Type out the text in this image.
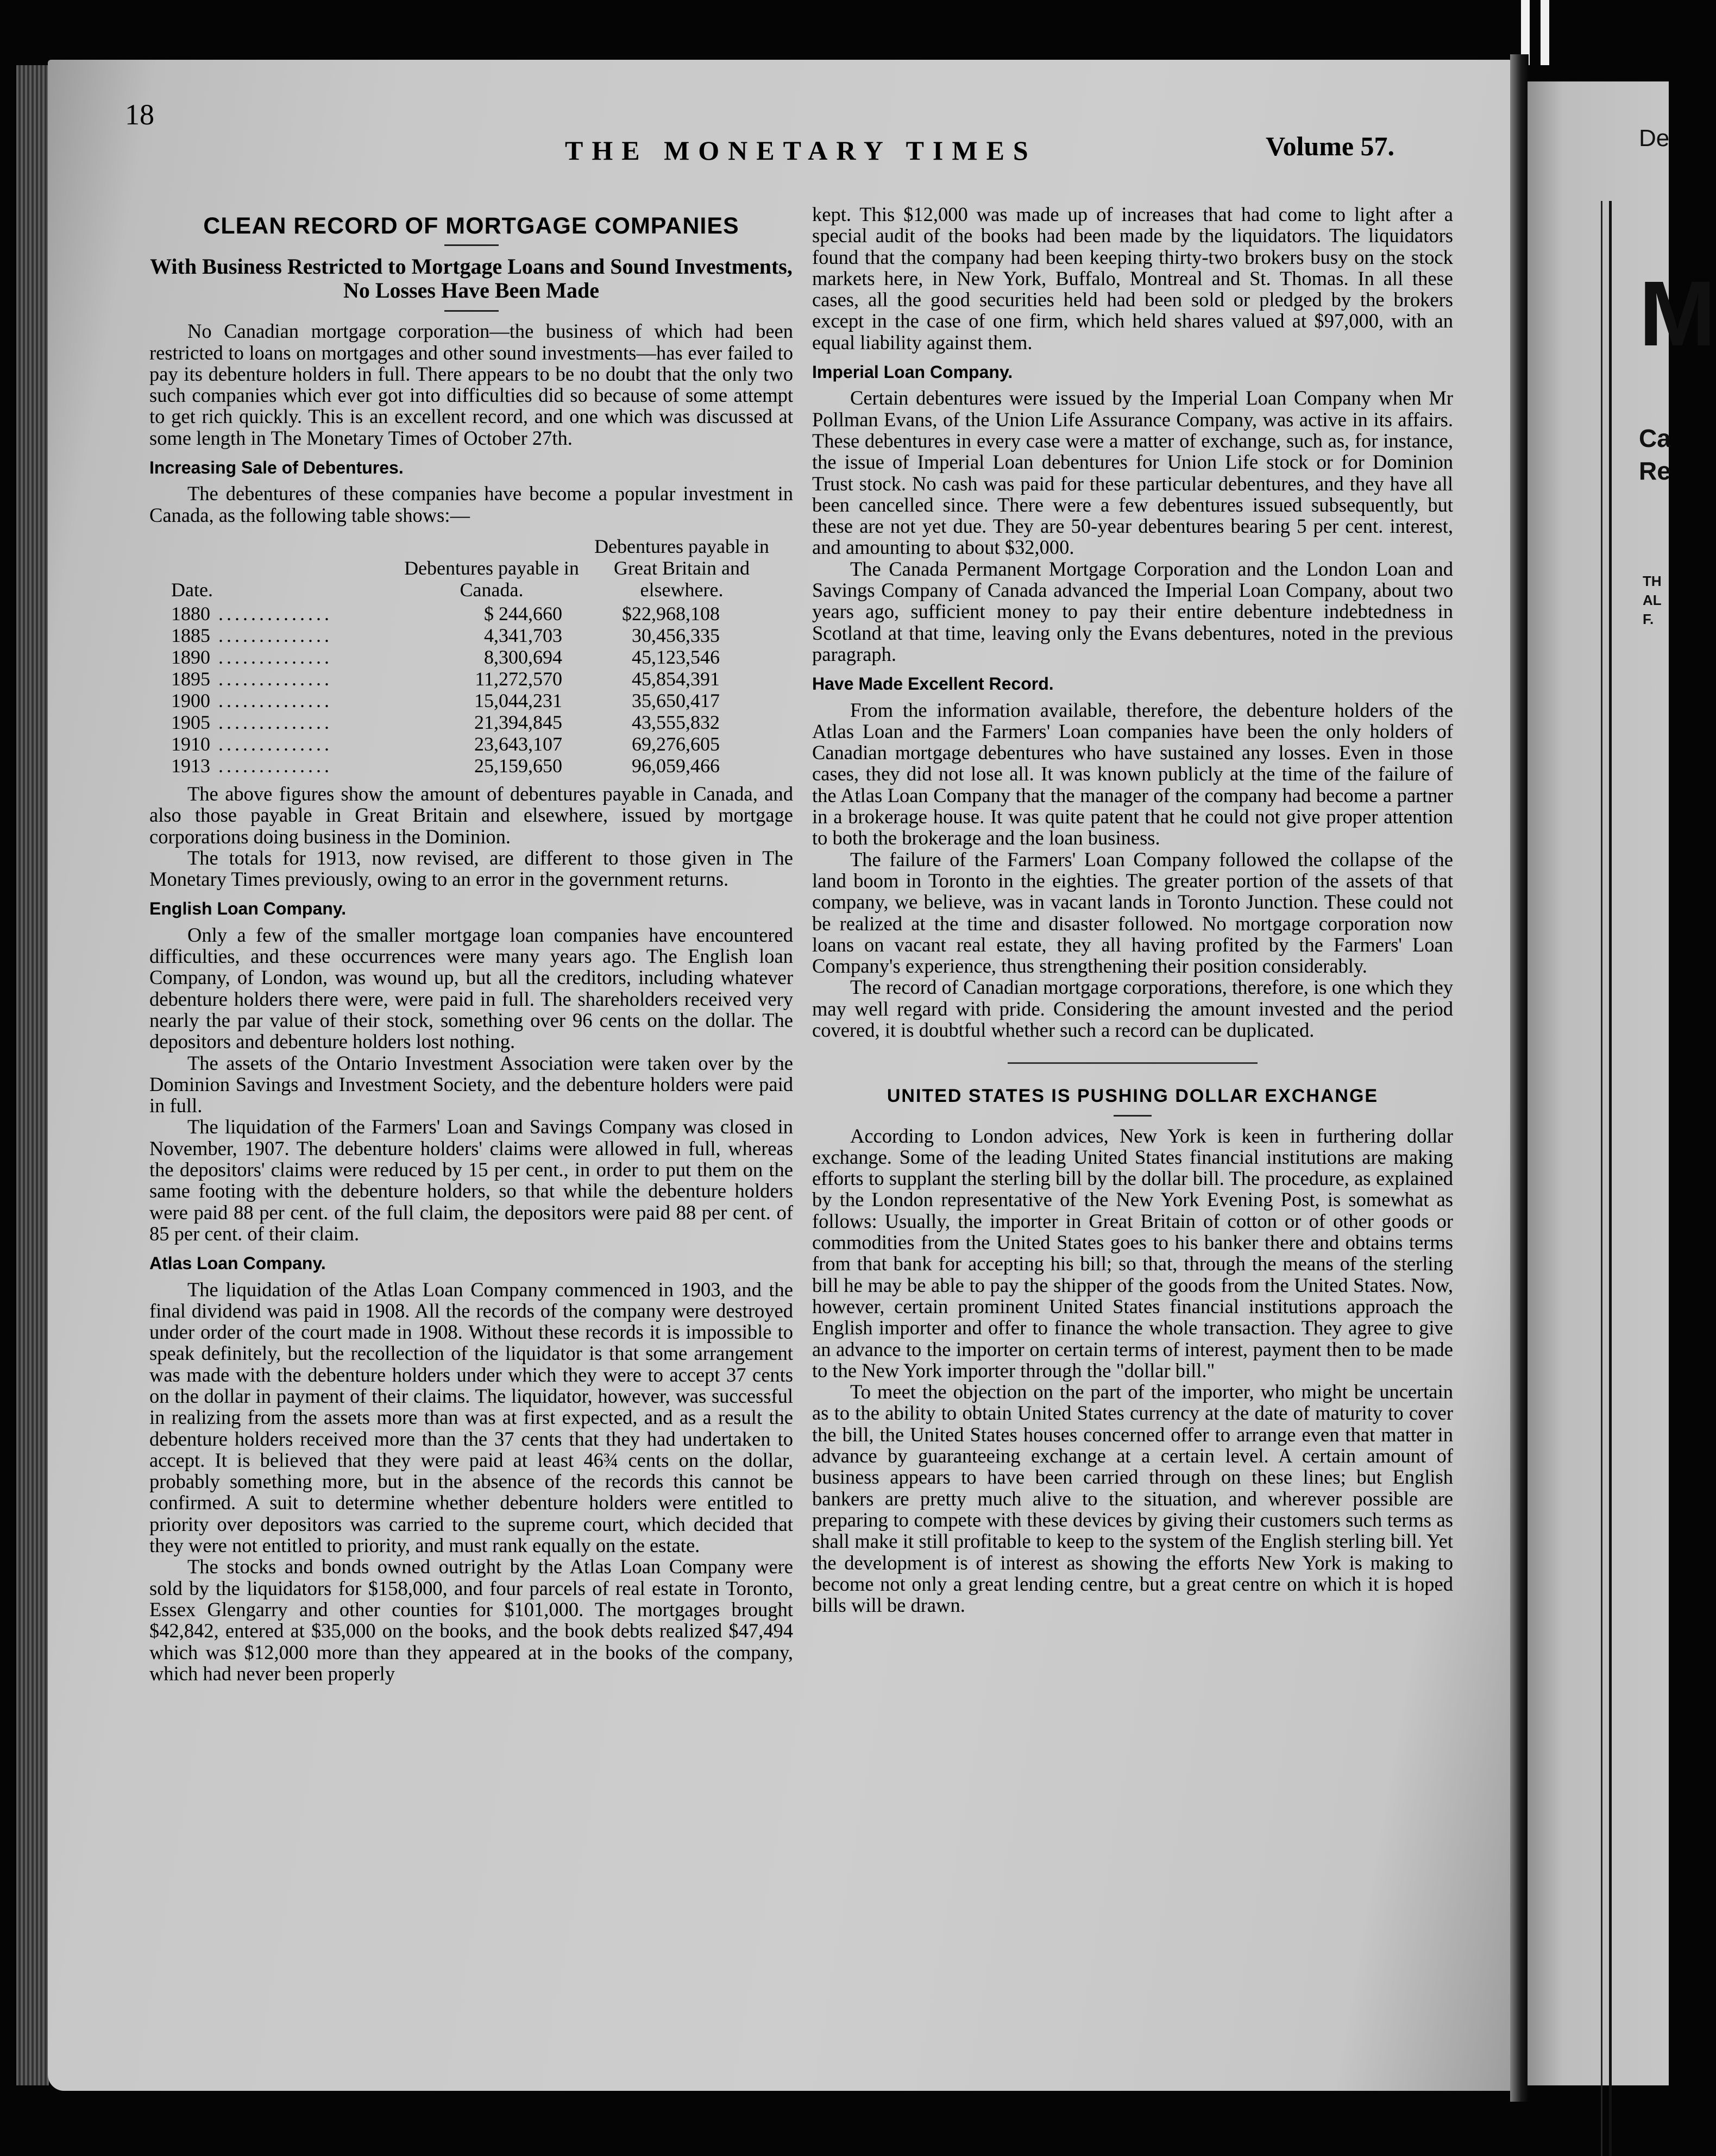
De
M
Ca
Re
TH
AL
F.
18
THE MONETARY TIMES	Volume 57.
CLEAN RECORD OF MORTGAGE COMPANIES
With Business Restricted to Mortgage Loans and Sound Investments, No Losses Have Been Made

No Canadian mortgage corporation—the business of which had been restricted to loans on mortgages and other sound investments—has ever failed to pay its debenture holders in full. There appears to be no doubt that the only two such companies which ever got into difficulties did so because of some attempt to get rich quickly. This is an excellent record, and one which was discussed at some length in The Monetary Times of October 27th.

Increasing Sale of Debentures.

The debentures of these companies have become a popular investment in Canada, as the following table shows:—

Date.	Debentures payable in Canada.	Debentures payable in Great Britain and elsewhere.
1880 ..............	$ 244,660	$22,968,108
1885 ..............	4,341,703	30,456,335
1890 ..............	8,300,694	45,123,546
1895 ..............	11,272,570	45,854,391
1900 ..............	15,044,231	35,650,417
1905 ..............	21,394,845	43,555,832
1910 ..............	23,643,107	69,276,605
1913 ..............	25,159,650	96,059,466

The above figures show the amount of debentures payable in Canada, and also those payable in Great Britain and elsewhere, issued by mortgage corporations doing business in the Dominion.

The totals for 1913, now revised, are different to those given in The Monetary Times previously, owing to an error in the government returns.

English Loan Company.

Only a few of the smaller mortgage loan companies have encountered difficulties, and these occurrences were many years ago. The English loan Company, of London, was wound up, but all the creditors, including whatever debenture holders there were, were paid in full. The shareholders received very nearly the par value of their stock, something over 96 cents on the dollar. The depositors and debenture holders lost nothing.

The assets of the Ontario Investment Association were taken over by the Dominion Savings and Investment Society, and the debenture holders were paid in full.

The liquidation of the Farmers' Loan and Savings Company was closed in November, 1907. The debenture holders' claims were allowed in full, whereas the depositors' claims were reduced by 15 per cent., in order to put them on the same footing with the debenture holders, so that while the debenture holders were paid 88 per cent. of the full claim, the depositors were paid 88 per cent. of 85 per cent. of their claim.

Atlas Loan Company.

The liquidation of the Atlas Loan Company commenced in 1903, and the final dividend was paid in 1908. All the records of the company were destroyed under order of the court made in 1908. Without these records it is impossible to speak definitely, but the recollection of the liquidator is that some arrangement was made with the debenture holders under which they were to accept 37 cents on the dollar in payment of their claims. The liquidator, however, was successful in realizing from the assets more than was at first expected, and as a result the debenture holders received more than the 37 cents that they had undertaken to accept. It is believed that they were paid at least 46¾ cents on the dollar, probably something more, but in the absence of the records this cannot be confirmed. A suit to determine whether debenture holders were entitled to priority over depositors was carried to the supreme court, which decided that they were not entitled to priority, and must rank equally on the estate.

The stocks and bonds owned outright by the Atlas Loan Company were sold by the liquidators for $158,000, and four parcels of real estate in Toronto, Essex Glengarry and other counties for $101,000. The mortgages brought $42,842, entered at $35,000 on the books, and the book debts realized $47,494 which was $12,000 more than they appeared at in the books of the company, which had never been properly

kept. This $12,000 was made up of increases that had come to light after a special audit of the books had been made by the liquidators. The liquidators found that the company had been keeping thirty-two brokers busy on the stock markets here, in New York, Buffalo, Montreal and St. Thomas. In all these cases, all the good securities held had been sold or pledged by the brokers except in the case of one firm, which held shares valued at $97,000, with an equal liability against them.

Imperial Loan Company.

Certain debentures were issued by the Imperial Loan Company when Mr Pollman Evans, of the Union Life Assurance Company, was active in its affairs. These debentures in every case were a matter of exchange, such as, for instance, the issue of Imperial Loan debentures for Union Life stock or for Dominion Trust stock. No cash was paid for these particular debentures, and they have all been cancelled since. There were a few debentures issued subsequently, but these are not yet due. They are 50-year debentures bearing 5 per cent. interest, and amounting to about $32,000.

The Canada Permanent Mortgage Corporation and the London Loan and Savings Company of Canada advanced the Imperial Loan Company, about two years ago, sufficient money to pay their entire debenture indebtedness in Scotland at that time, leaving only the Evans debentures, noted in the previous paragraph.

Have Made Excellent Record.

From the information available, therefore, the debenture holders of the Atlas Loan and the Farmers' Loan companies have been the only holders of Canadian mortgage debentures who have sustained any losses. Even in those cases, they did not lose all. It was known publicly at the time of the failure of the Atlas Loan Company that the manager of the company had become a partner in a brokerage house. It was quite patent that he could not give proper attention to both the brokerage and the loan business.

The failure of the Farmers' Loan Company followed the collapse of the land boom in Toronto in the eighties. The greater portion of the assets of that company, we believe, was in vacant lands in Toronto Junction. These could not be realized at the time and disaster followed. No mortgage corporation now loans on vacant real estate, they all having profited by the Farmers' Loan Company's experience, thus strengthening their position considerably.

The record of Canadian mortgage corporations, therefore, is one which they may well regard with pride. Considering the amount invested and the period covered, it is doubtful whether such a record can be duplicated.

UNITED STATES IS PUSHING DOLLAR EXCHANGE

According to London advices, New York is keen in furthering dollar exchange. Some of the leading United States financial institutions are making efforts to supplant the sterling bill by the dollar bill. The procedure, as explained by the London representative of the New York Evening Post, is somewhat as follows: Usually, the importer in Great Britain of cotton or of other goods or commodities from the United States goes to his banker there and obtains terms from that bank for accepting his bill; so that, through the means of the sterling bill he may be able to pay the shipper of the goods from the United States. Now, however, certain prominent United States financial institutions approach the English importer and offer to finance the whole transaction. They agree to give an advance to the importer on certain terms of interest, payment then to be made to the New York importer through the "dollar bill."

To meet the objection on the part of the importer, who might be uncertain as to the ability to obtain United States currency at the date of maturity to cover the bill, the United States houses concerned offer to arrange even that matter in advance by guaranteeing exchange at a certain level. A certain amount of business appears to have been carried through on these lines; but English bankers are pretty much alive to the situation, and wherever possible are preparing to compete with these devices by giving their customers such terms as shall make it still profitable to keep to the system of the English sterling bill. Yet the development is of interest as showing the efforts New York is making to become not only a great lending centre, but a great centre on which it is hoped bills will be drawn.
